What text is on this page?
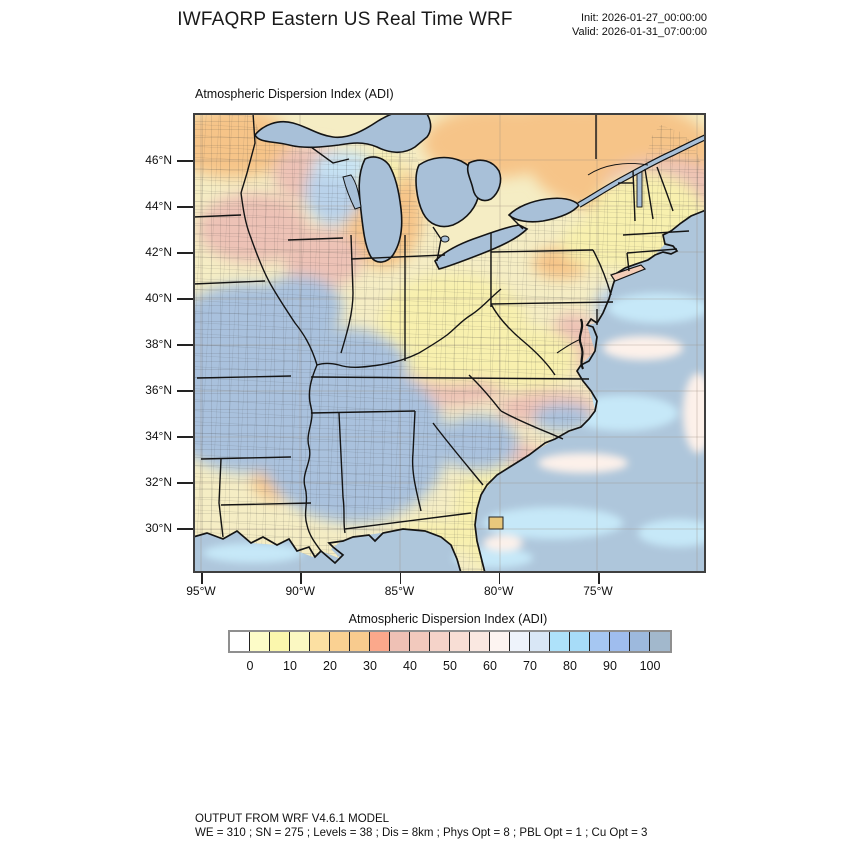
IWFAQRP Eastern US Real Time WRF	Init: 2026-01-27_00:00:00
Valid: 2026-01-31_07:00:00
Atmospheric Dispersion Index (ADI)
46°N
44°N
42°N
40°N
38°N
36°N
34°N
32°N
30°N
95°W	90°W	85°W	80°W	75°W
Atmospheric Dispersion Index (ADI)
0	10	20	30	40	50	60	70	80	90	100
OUTPUT FROM WRF V4.6.1 MODEL
WE = 310 ; SN = 275 ; Levels = 38 ; Dis = 8km ; Phys Opt = 8 ; PBL Opt = 1 ; Cu Opt = 3
